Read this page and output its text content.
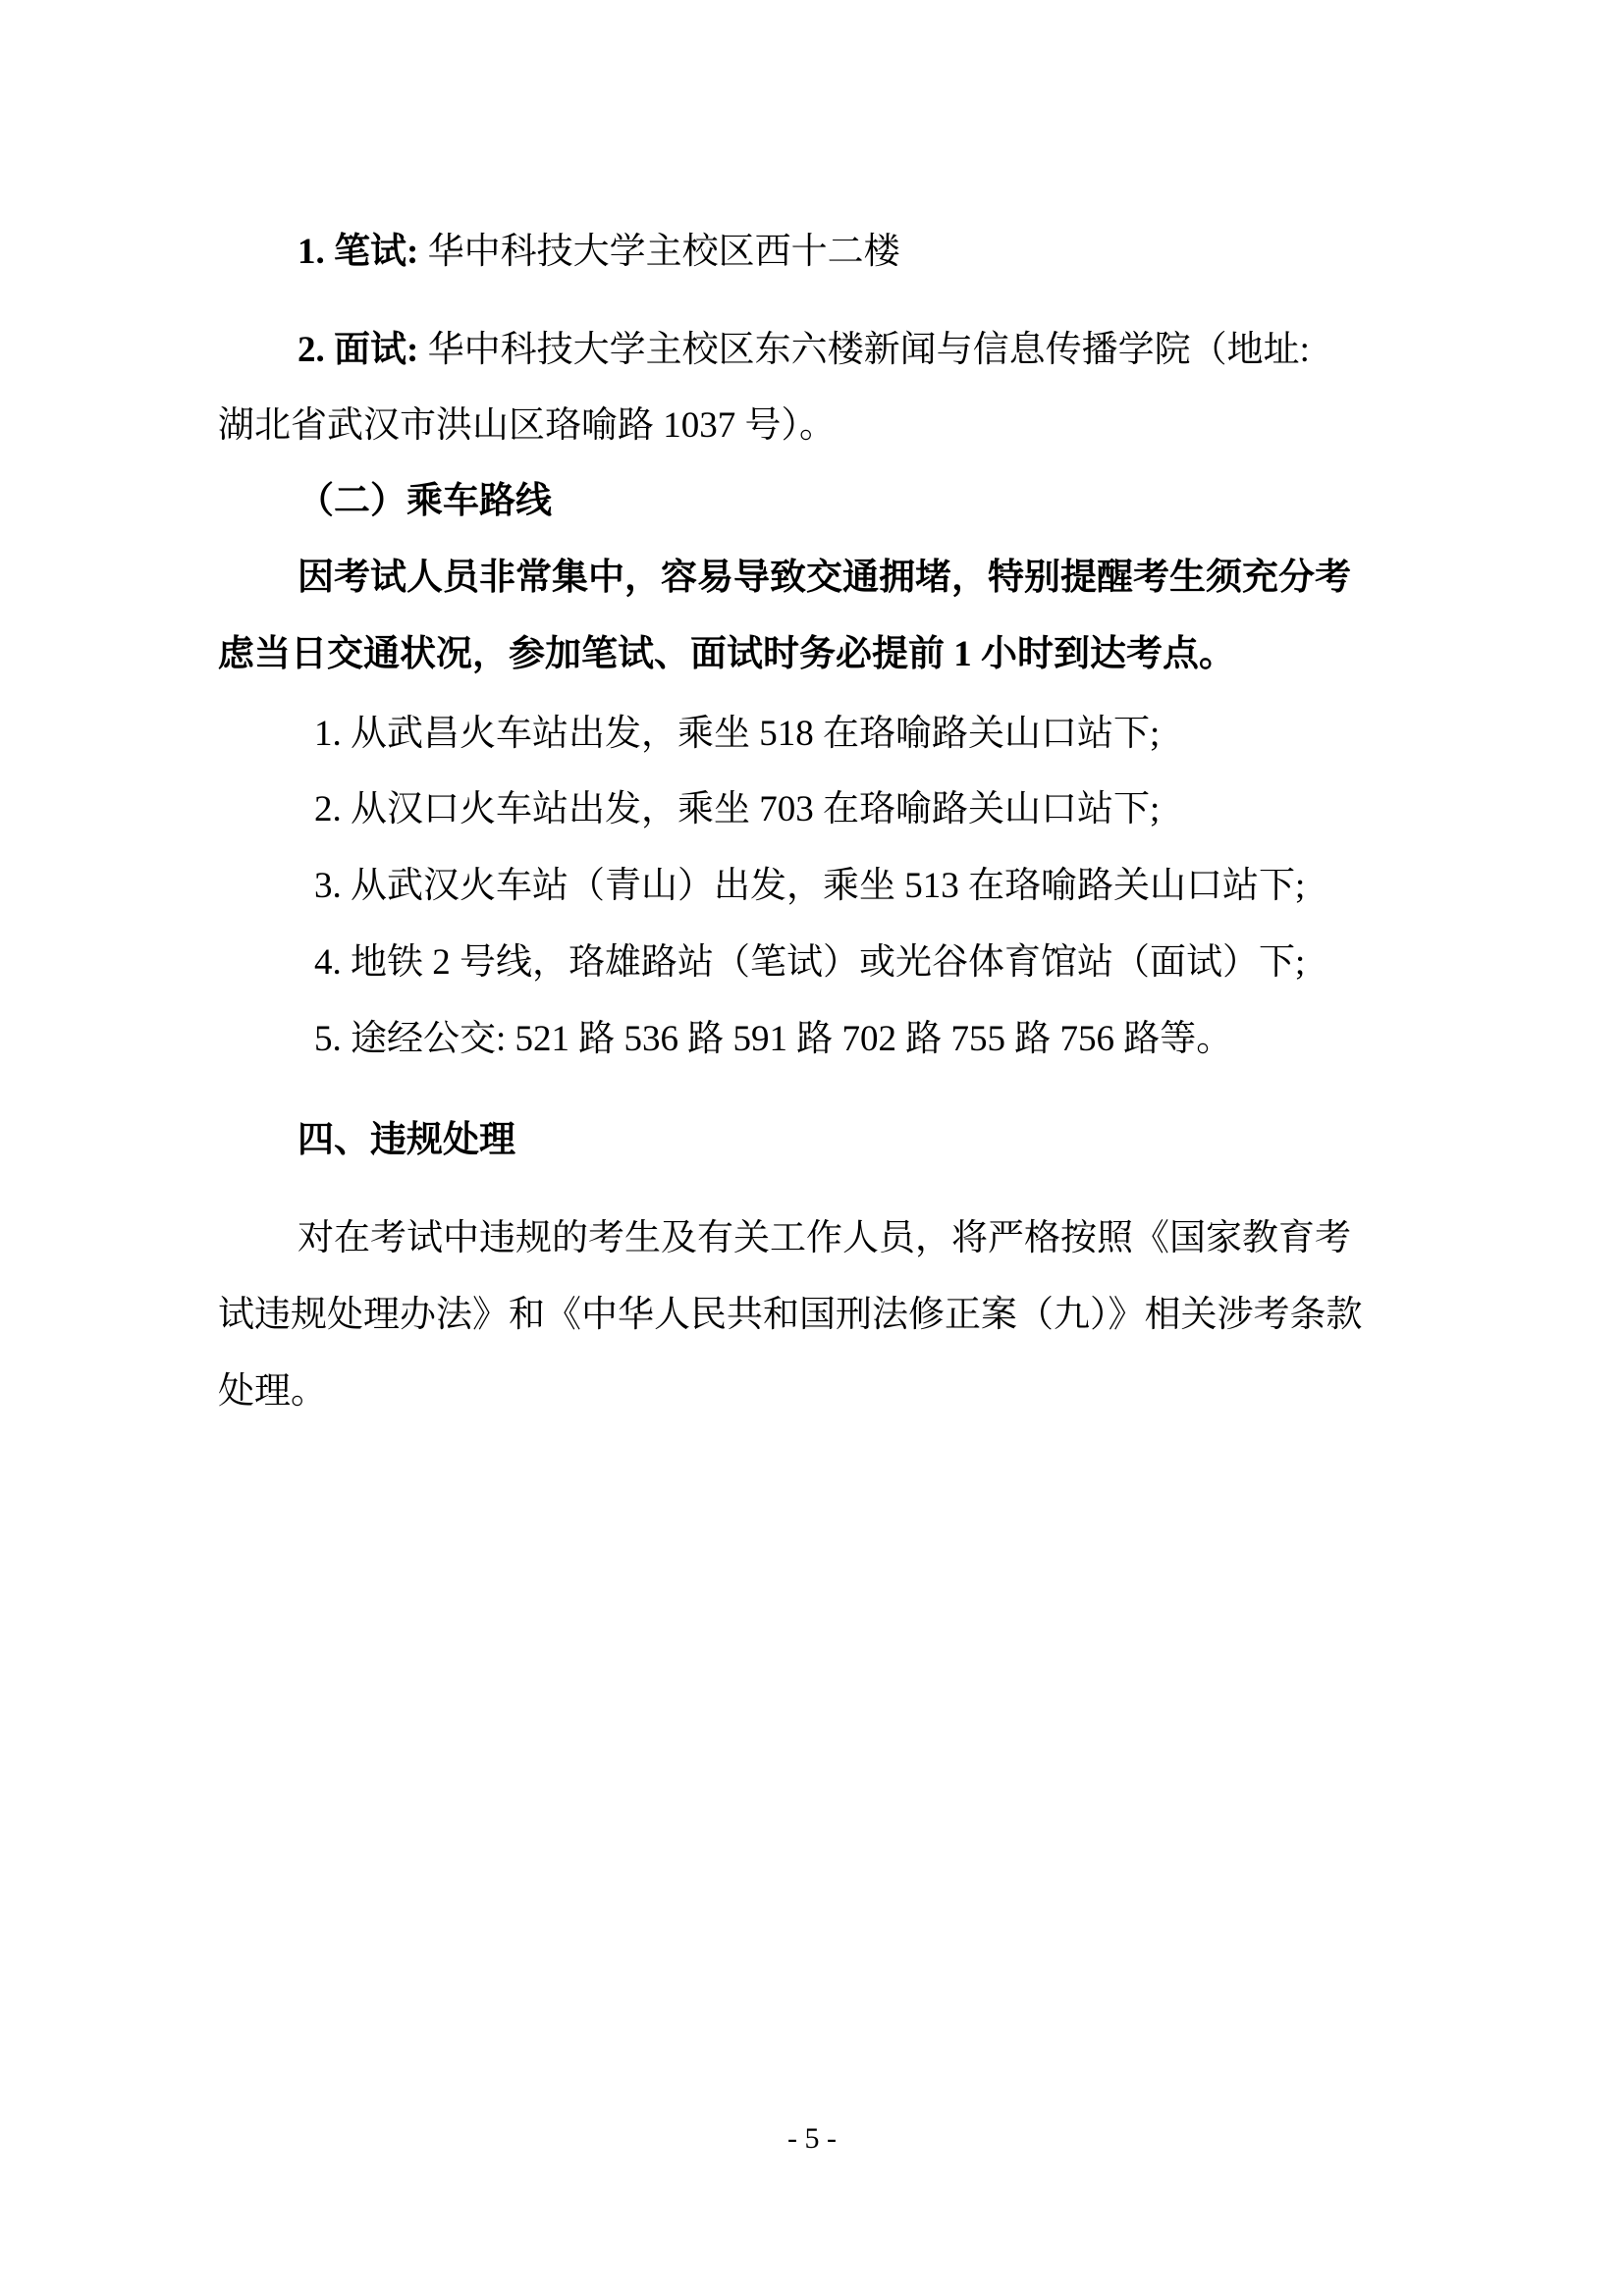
1. 笔试: 华中科技大学主校区西十二楼
2. 面试: 华中科技大学主校区东六楼新闻与信息传播学院（地址:
湖北省武汉市洪山区珞喻路 1037 号）。
（二）乘车路线
因考试人员非常集中，容易导致交通拥堵，特别提醒考生须充分考
虑当日交通状况，参加笔试、面试时务必提前 1 小时到达考点。
1. 从武昌火车站出发，乘坐 518 在珞喻路关山口站下;
2. 从汉口火车站出发，乘坐 703 在珞喻路关山口站下;
3. 从武汉火车站（青山）出发，乘坐 513 在珞喻路关山口站下;
4. 地铁 2 号线，珞雄路站（笔试）或光谷体育馆站（面试）下;
5. 途经公交: 521 路 536 路 591 路 702 路 755 路 756 路等。
四、违规处理
对在考试中违规的考生及有关工作人员，将严格按照《国家教育考
试违规处理办法》和《中华人民共和国刑法修正案（九）》相关涉考条款
处理。
- 5 -
